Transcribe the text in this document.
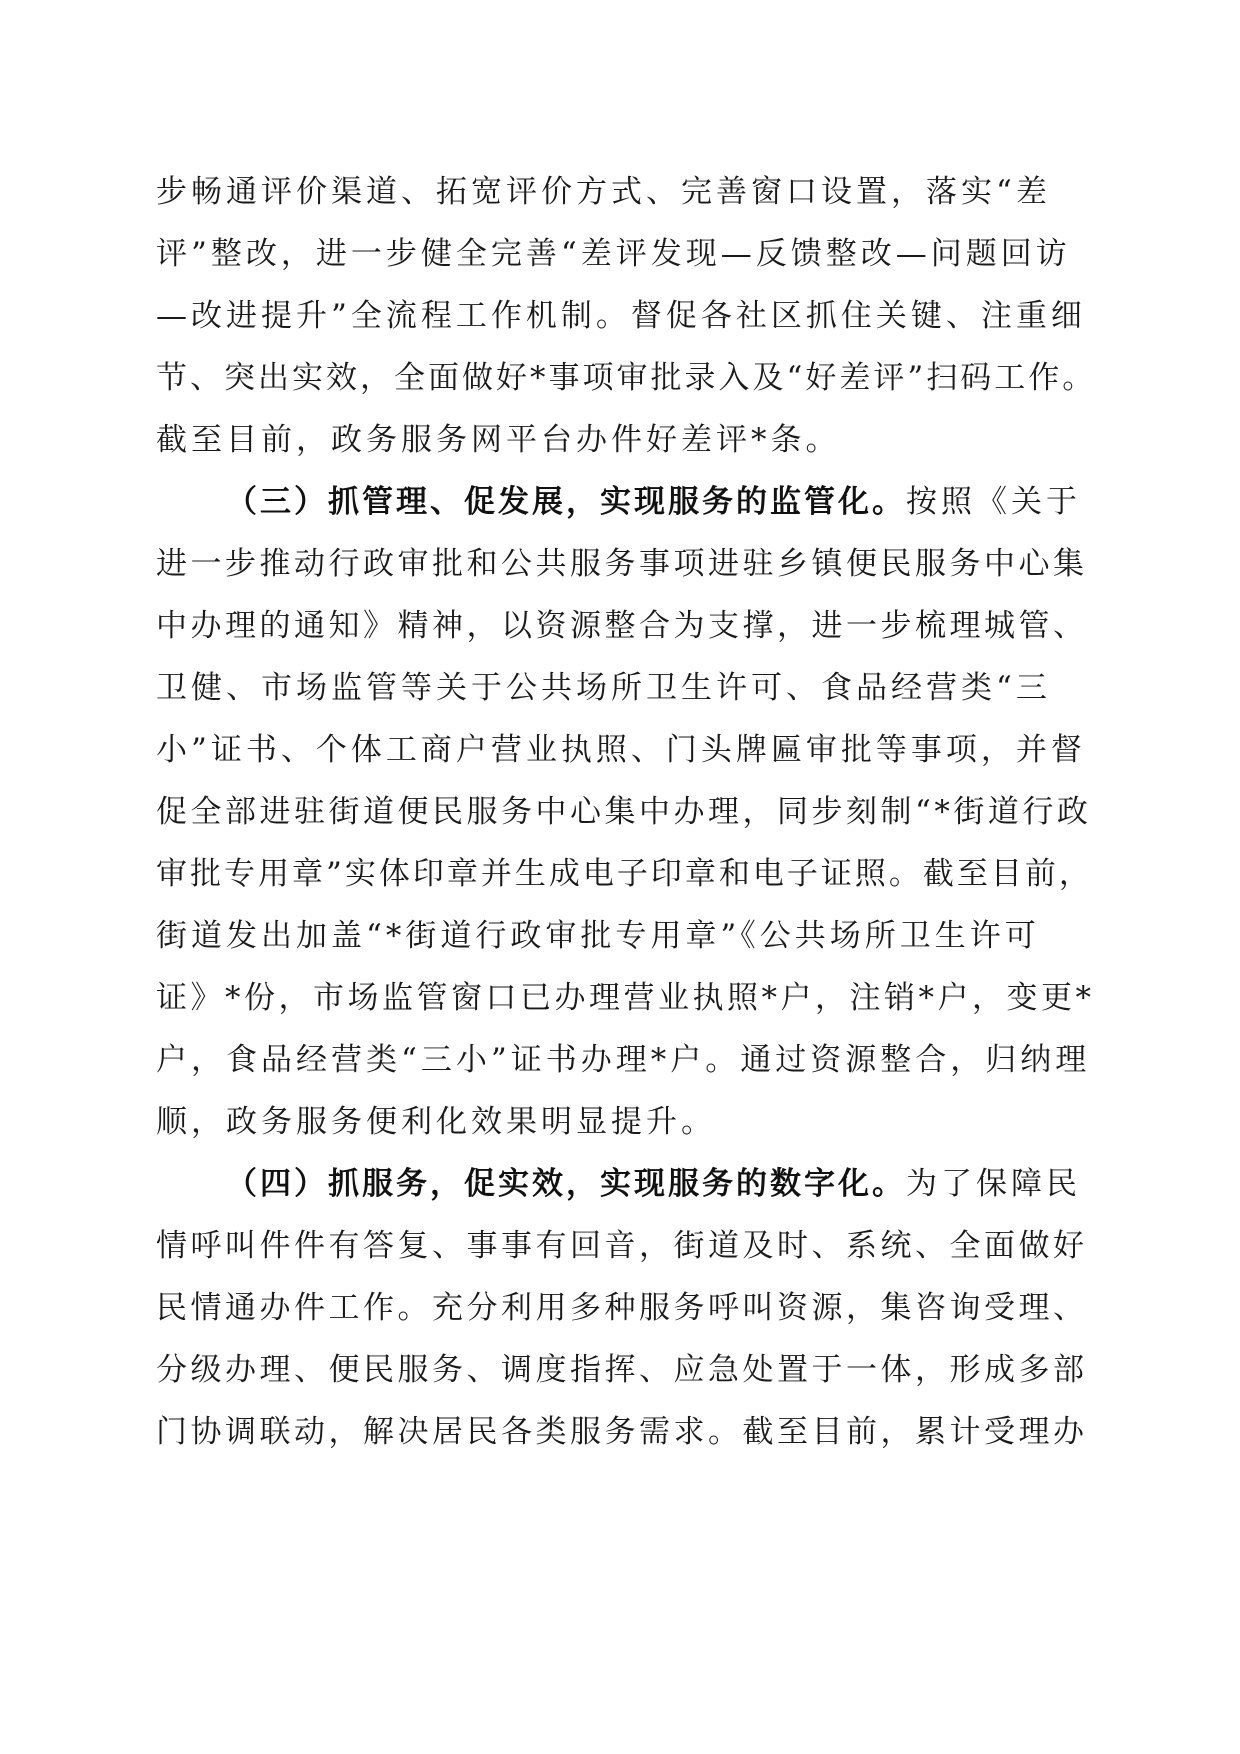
步畅通评价渠道、拓宽评价方式、完善窗口设置，落实“差
评”整改，进一步健全完善“差评发现—反馈整改—问题回访
—改进提升”全流程工作机制。督促各社区抓住关键、注重细
节、突出实效，全面做好*事项审批录入及“好差评”扫码工作。
截至目前，政务服务网平台办件好差评*条。
（三）抓管理、促发展，实现服务的监管化。按照《关于
进一步推动行政审批和公共服务事项进驻乡镇便民服务中心集
中办理的通知》精神，以资源整合为支撑，进一步梳理城管、
卫健、市场监管等关于公共场所卫生许可、食品经营类“三
小”证书、个体工商户营业执照、门头牌匾审批等事项，并督
促全部进驻街道便民服务中心集中办理，同步刻制“*街道行政
审批专用章”实体印章并生成电子印章和电子证照。截至目前，
街道发出加盖“*街道行政审批专用章”《公共场所卫生许可
证》*份，市场监管窗口已办理营业执照*户，注销*户，变更*
户，食品经营类“三小”证书办理*户。通过资源整合，归纳理
顺，政务服务便利化效果明显提升。
（四）抓服务，促实效，实现服务的数字化。为了保障民
情呼叫件件有答复、事事有回音，街道及时、系统、全面做好
民情通办件工作。充分利用多种服务呼叫资源，集咨询受理、
分级办理、便民服务、调度指挥、应急处置于一体，形成多部
门协调联动，解决居民各类服务需求。截至目前，累计受理办
